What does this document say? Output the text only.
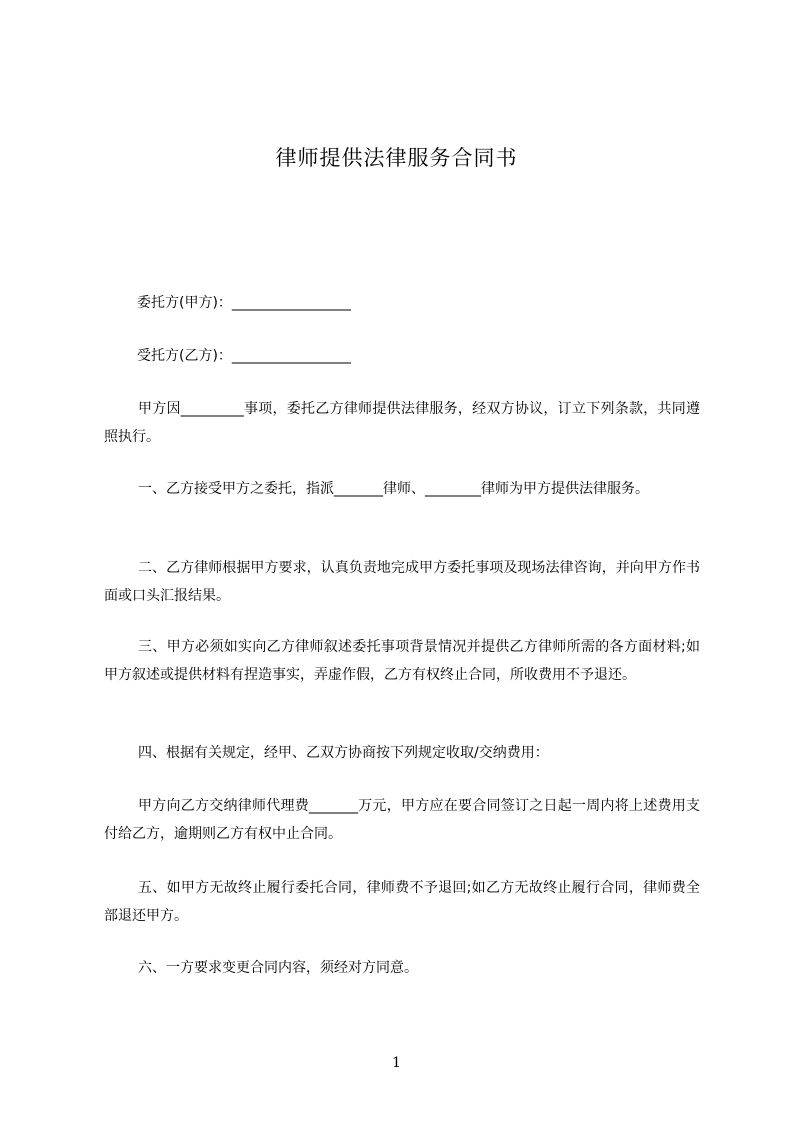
律师提供法律服务合同书
委托方(甲方)：_________________
受托方(乙方)：_________________
甲方因_________事项，委托乙方律师提供法律服务，经双方协议，订立下列条款，共同遵照执行。
一、乙方接受甲方之委托，指派_______律师、________律师为甲方提供法律服务。
二、乙方律师根据甲方要求，认真负责地完成甲方委托事项及现场法律咨询，并向甲方作书面或口头汇报结果。
三、甲方必须如实向乙方律师叙述委托事项背景情况并提供乙方律师所需的各方面材料;如甲方叙述或提供材料有捏造事实，弄虚作假，乙方有权终止合同，所收费用不予退还。
四、根据有关规定，经甲、乙双方协商按下列规定收取/交纳费用：
甲方向乙方交纳律师代理费_______万元，甲方应在要合同签订之日起一周内将上述费用支付给乙方，逾期则乙方有权中止合同。
五、如甲方无故终止履行委托合同，律师费不予退回;如乙方无故终止履行合同，律师费全部退还甲方。
六、一方要求变更合同内容，须经对方同意。
1
